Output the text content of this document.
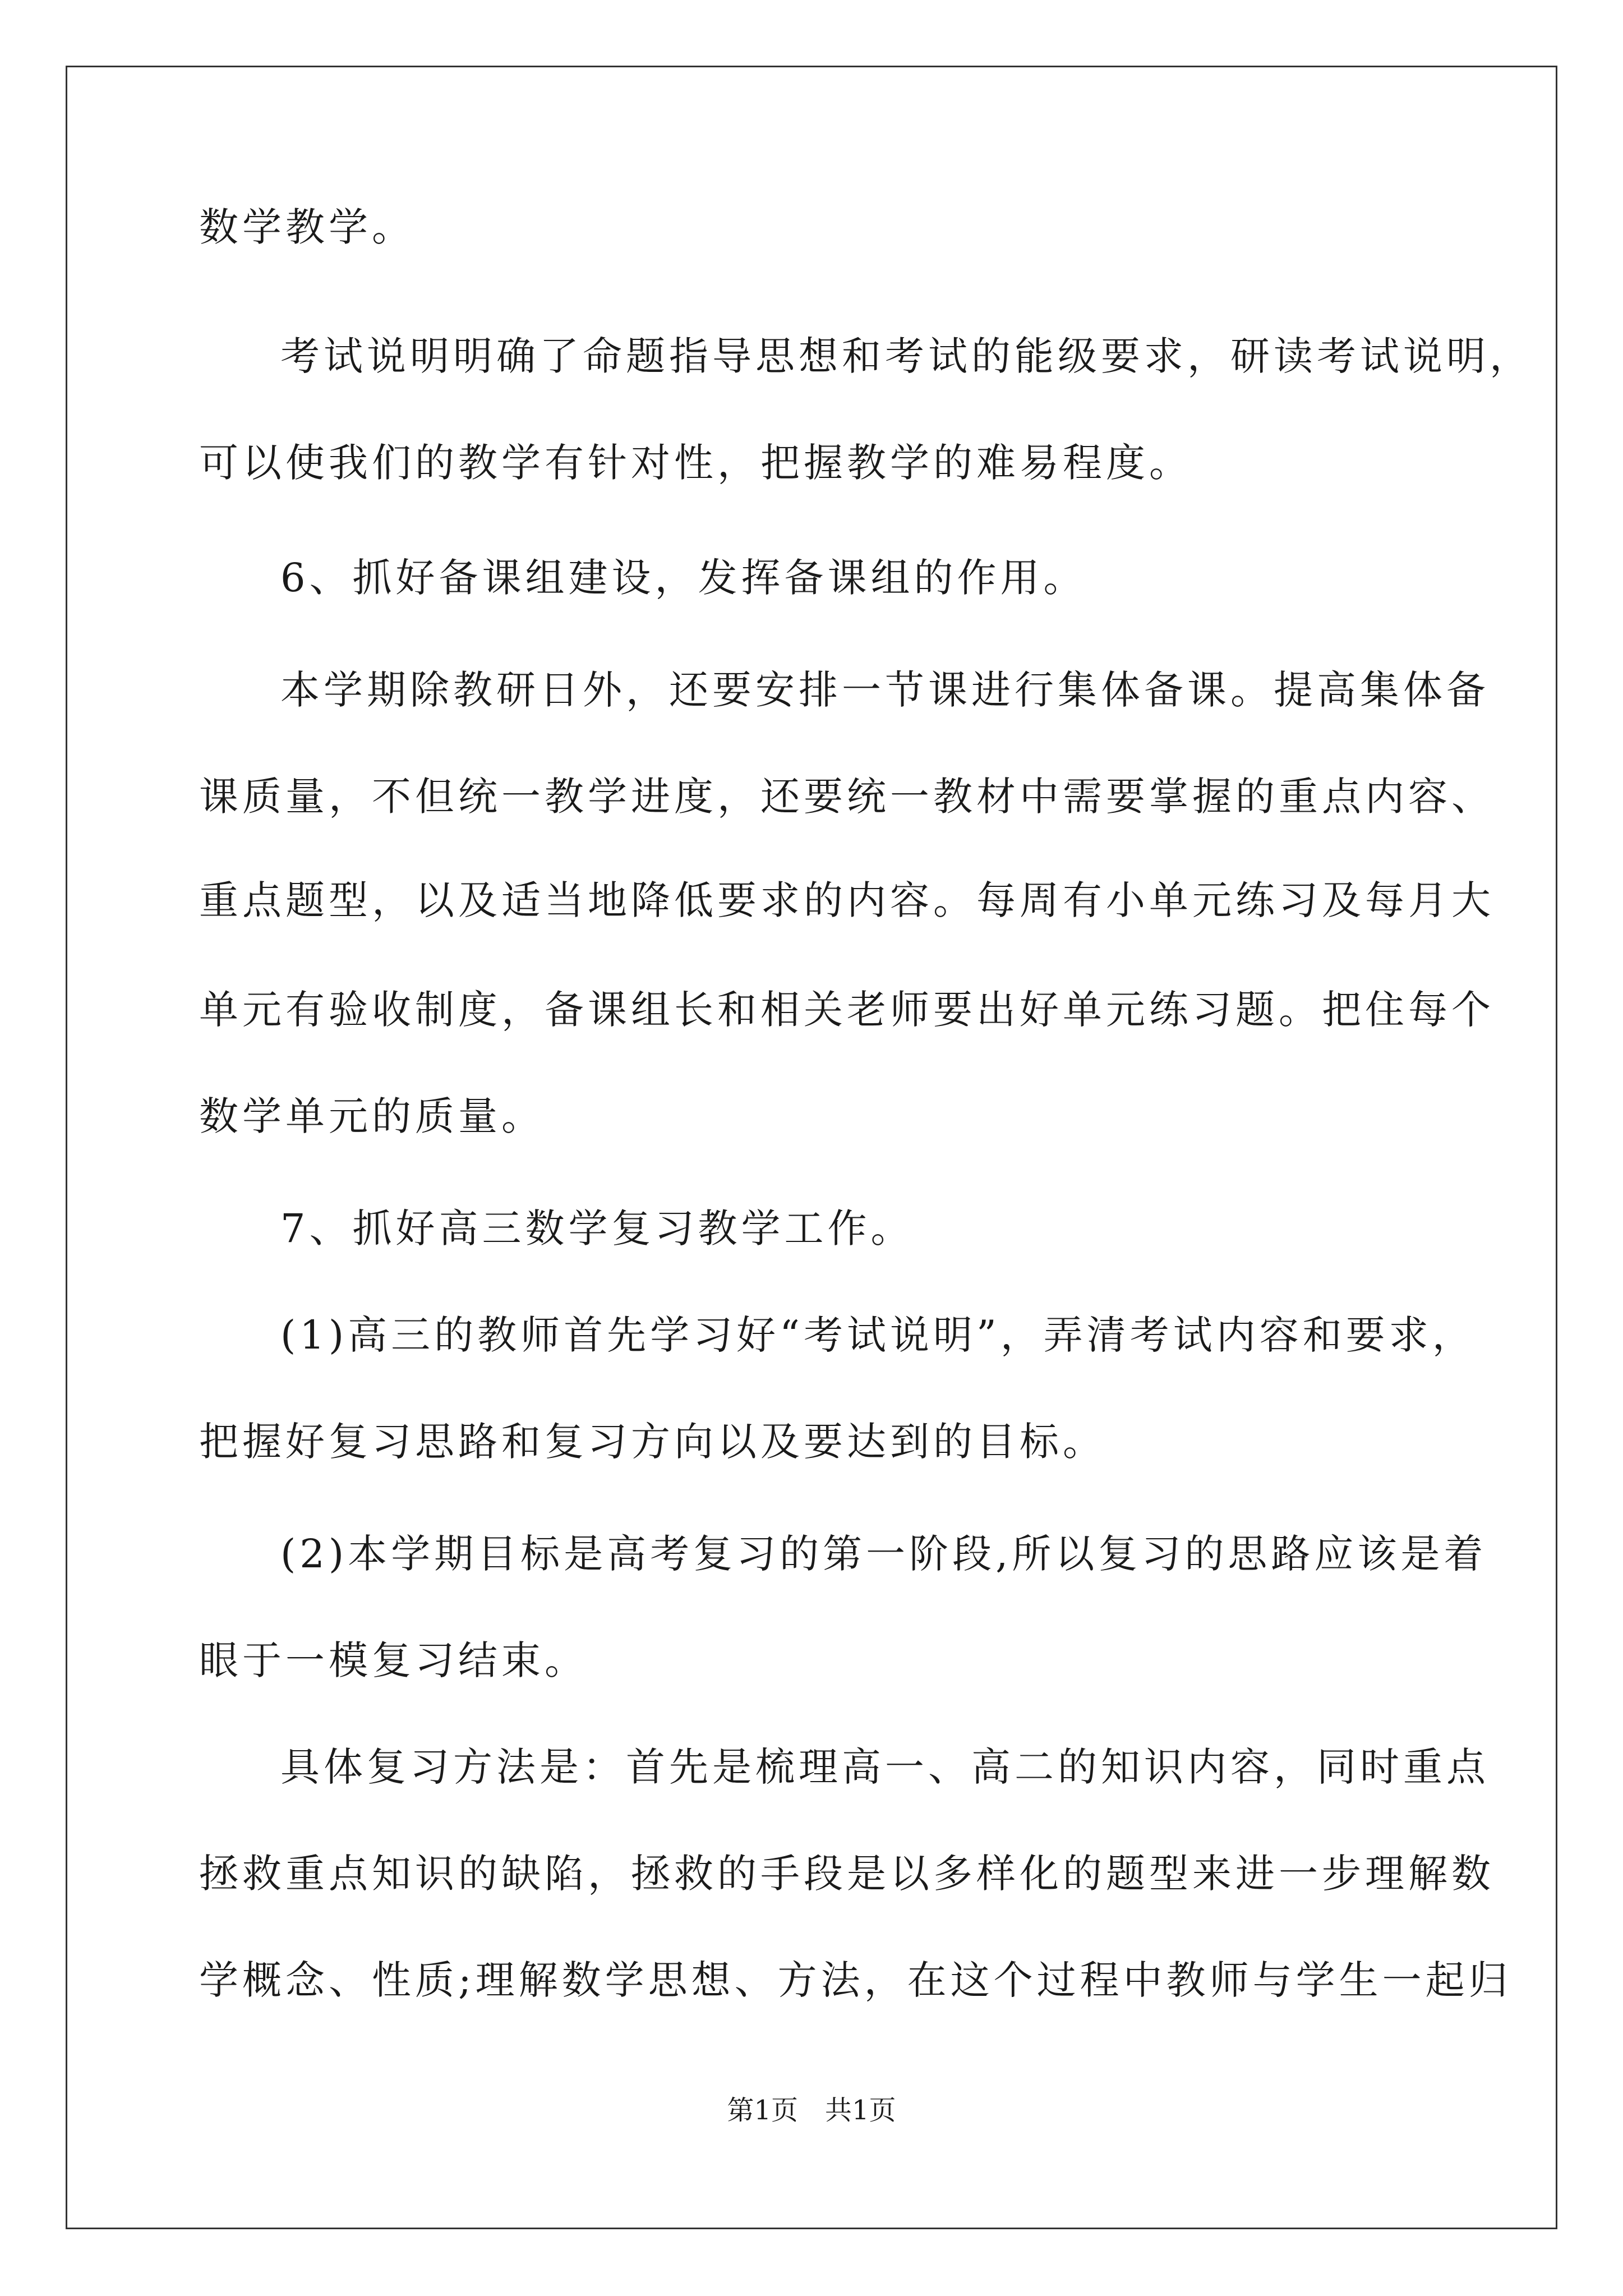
数学教学。
考试说明明确了命题指导思想和考试的能级要求，研读考试说明，
可以使我们的教学有针对性，把握教学的难易程度。
6、抓好备课组建设，发挥备课组的作用。
本学期除教研日外，还要安排一节课进行集体备课。提高集体备
课质量，不但统一教学进度，还要统一教材中需要掌握的重点内容、
重点题型，以及适当地降低要求的内容。每周有小单元练习及每月大
单元有验收制度，备课组长和相关老师要出好单元练习题。把住每个
数学单元的质量。
7、抓好高三数学复习教学工作。
(1)高三的教师首先学习好“考试说明”，弄清考试内容和要求，
把握好复习思路和复习方向以及要达到的目标。
(2)本学期目标是高考复习的第一阶段,所以复习的思路应该是着
眼于一模复习结束。
具体复习方法是：首先是梳理高一、高二的知识内容，同时重点
拯救重点知识的缺陷，拯救的手段是以多样化的题型来进一步理解数
学概念、性质;理解数学思想、方法，在这个过程中教师与学生一起归
第1页　共1页
